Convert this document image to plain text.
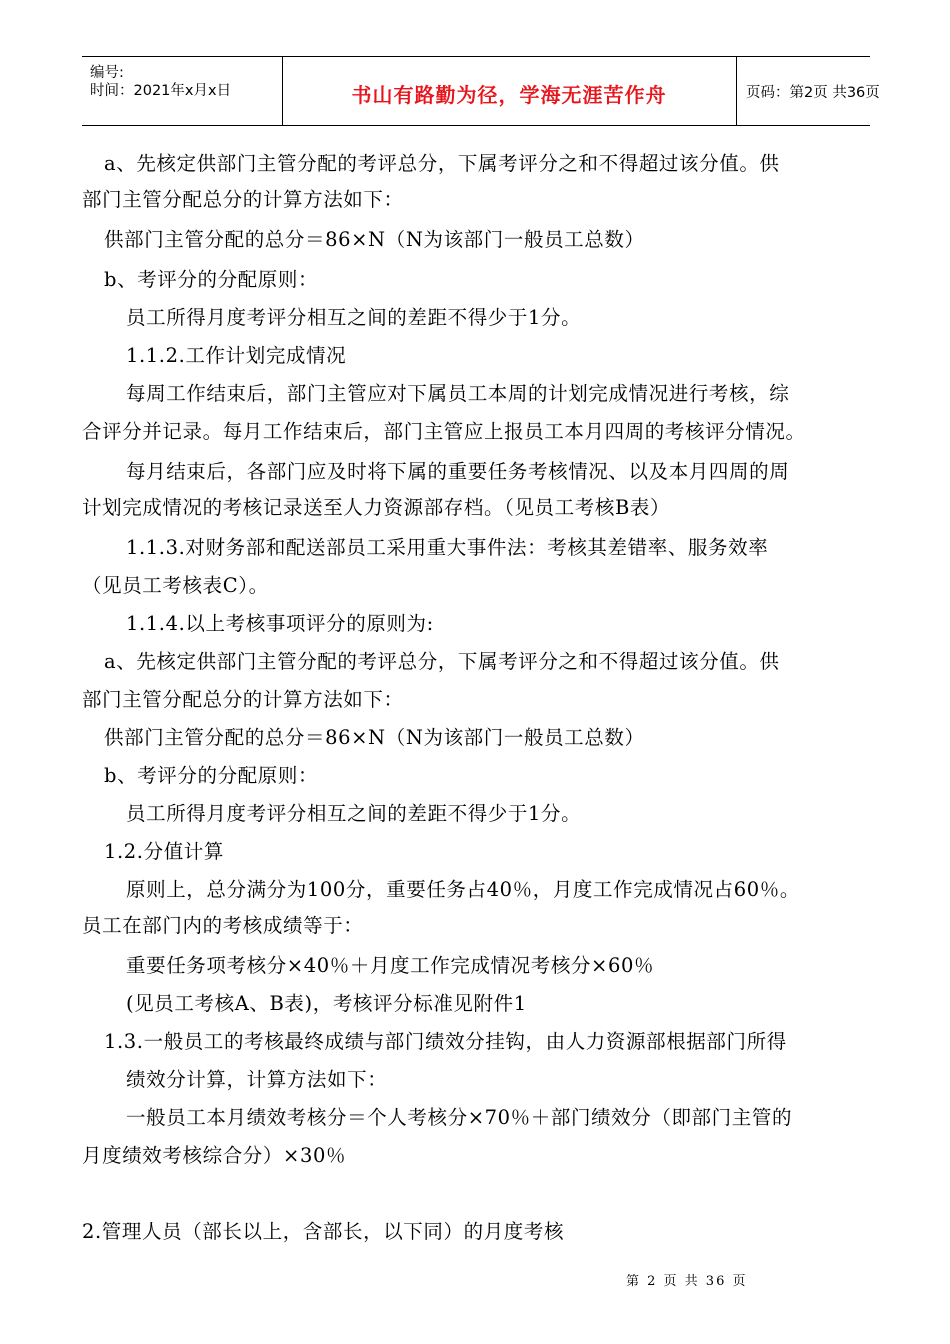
编号:
时间：2021年x月x日	书山有路勤为径，学海无涯苦作舟	页码：第2页 共36页
a、先核定供部门主管分配的考评总分，下属考评分之和不得超过该分值。供
部门主管分配总分的计算方法如下：
供部门主管分配的总分＝86×N（N为该部门一般员工总数）
b、考评分的分配原则：
员工所得月度考评分相互之间的差距不得少于1分。
1.1.2.工作计划完成情况
每周工作结束后，部门主管应对下属员工本周的计划完成情况进行考核，综
合评分并记录。每月工作结束后，部门主管应上报员工本月四周的考核评分情况。
每月结束后，各部门应及时将下属的重要任务考核情况、以及本月四周的周
计划完成情况的考核记录送至人力资源部存档。（见员工考核B表）
1.1.3.对财务部和配送部员工采用重大事件法：考核其差错率、服务效率
（见员工考核表C）。
1.1.4.以上考核事项评分的原则为:
a、先核定供部门主管分配的考评总分，下属考评分之和不得超过该分值。供
部门主管分配总分的计算方法如下：
供部门主管分配的总分＝86×N（N为该部门一般员工总数）
b、考评分的分配原则：
员工所得月度考评分相互之间的差距不得少于1分。
1.2.分值计算
原则上，总分满分为100分，重要任务占40％，月度工作完成情况占60％。
员工在部门内的考核成绩等于：
重要任务项考核分×40％＋月度工作完成情况考核分×60％
(见员工考核A、B表)，考核评分标准见附件1
1.3.一般员工的考核最终成绩与部门绩效分挂钩，由人力资源部根据部门所得
绩效分计算，计算方法如下：
一般员工本月绩效考核分＝个人考核分×70％＋部门绩效分（即部门主管的
月度绩效考核综合分）×30％
2.管理人员（部长以上，含部长，以下同）的月度考核
第 2 页 共 36 页
